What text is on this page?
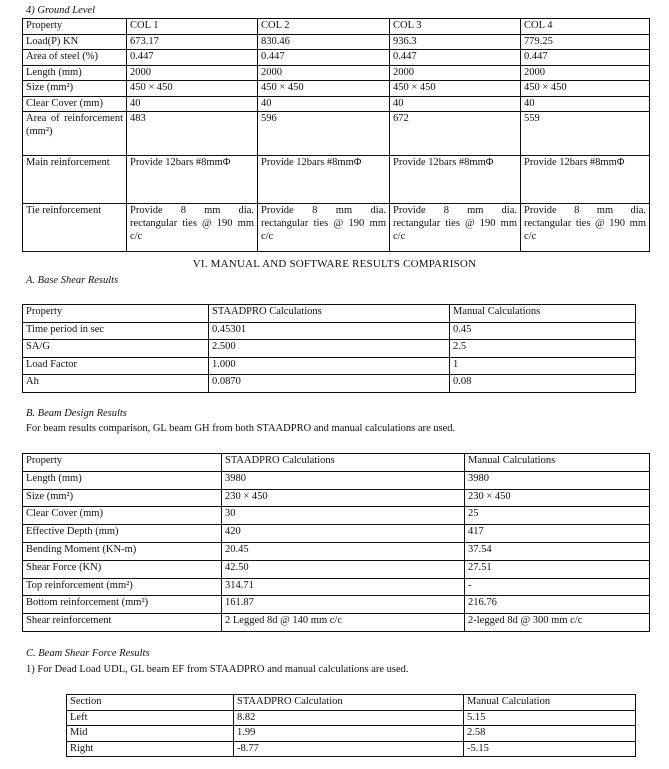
4) Ground Level
Property	COL 1	COL 2	COL 3	COL 4
Load(P) KN	673.17	830.46	936.3	779.25
Area of steel (%)	0.447	0.447	0.447	0.447
Length (mm)	2000	2000	2000	2000
Size (mm²)	450 × 450	450 × 450	450 × 450	450 × 450
Clear Cover (mm)	40	40	40	40
Area of reinforcement (mm²)	483	596	672	559
Main reinforcement	Provide 12bars #8mmΦ	Provide 12bars #8mmΦ	Provide 12bars #8mmΦ	Provide 12bars #8mmΦ
Tie reinforcement	Provide 8 mm dia. rectangular ties @ 190 mm c/c	Provide 8 mm dia. rectangular ties @ 190 mm c/c	Provide 8 mm dia. rectangular ties @ 190 mm c/c	Provide 8 mm dia. rectangular ties @ 190 mm c/c
VI. MANUAL AND SOFTWARE RESULTS COMPARISON
A. Base Shear Results
Property	STAADPRO Calculations	Manual Calculations
Time period in sec	0.45301	0.45
SA/G	2.500	2.5
Load Factor	1.000	1
Ah	0.0870	0.08
B. Beam Design Results
For beam results comparison, GL beam GH from both STAADPRO and manual calculations are used.
Property	STAADPRO Calculations	Manual Calculations
Length (mm)	3980	3980
Size (mm²)	230 × 450	230 × 450
Clear Cover (mm)	30	25
Effective Depth (mm)	420	417
Bending Moment (KN-m)	20.45	37.54
Shear Force (KN)	42.50	27.51
Top reinforcement (mm²)	314.71	-
Bottom reinforcement (mm²)	161.87	216.76
Shear reinforcement	2 Legged 8d @ 140 mm c/c	2-legged 8d @ 300 mm c/c
C. Beam Shear Force Results
1) For Dead Load UDL, GL beam EF from STAADPRO and manual calculations are used.
Section	STAADPRO Calculation	Manual Calculation
Left	8.82	5.15
Mid	1.99	2.58
Right	-8.77	-5.15
